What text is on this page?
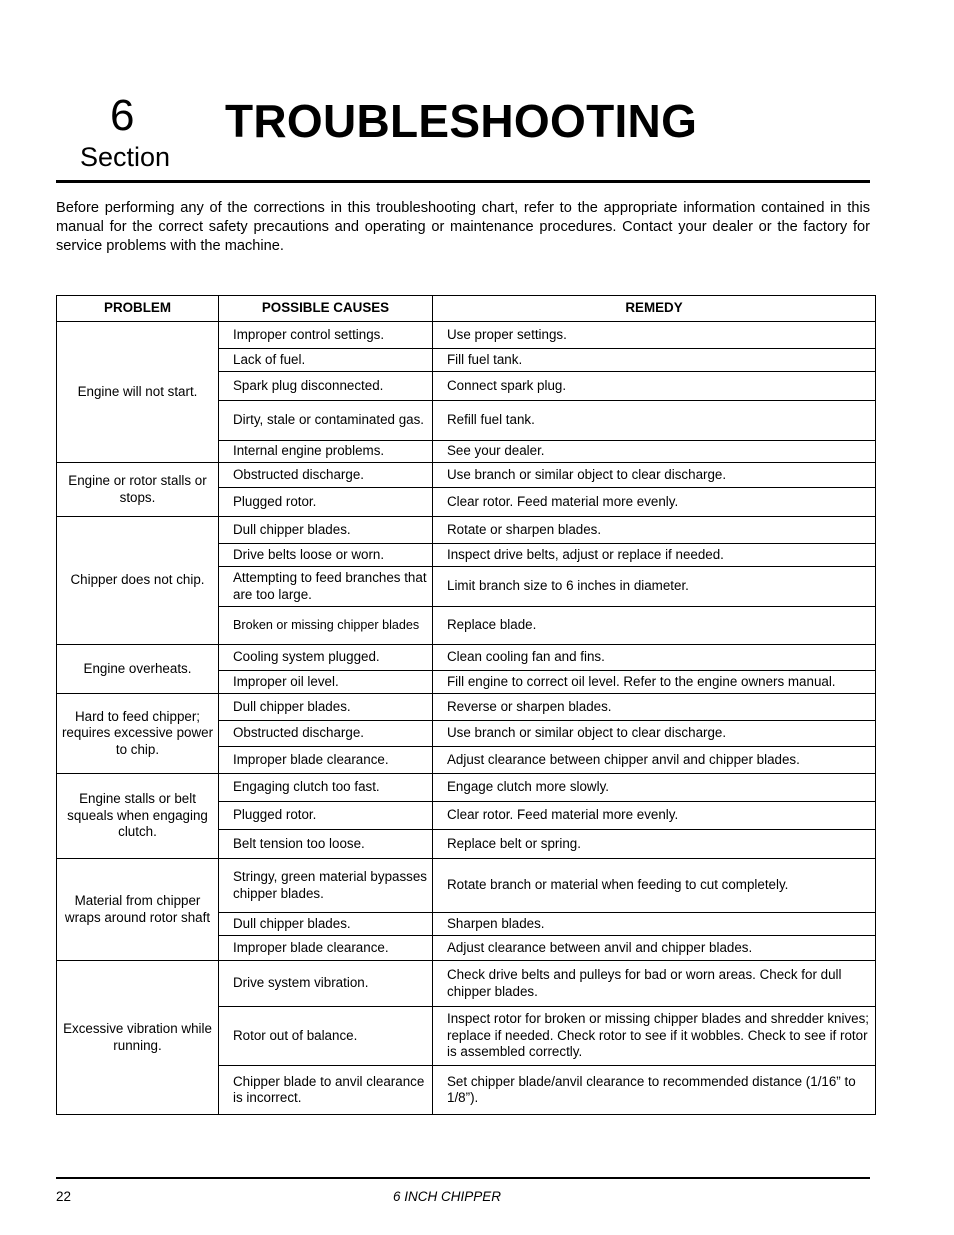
6
Section
TROUBLESHOOTING

Before performing any of the corrections in this troubleshooting chart, refer to the appropriate information contained in this manual for the correct safety precautions and operating or maintenance procedures. Contact your dealer or the factory for service problems with the machine.

PROBLEM	POSSIBLE CAUSES	REMEDY
Engine will not start.	Improper control settings.	Use proper settings.
	Lack of fuel.	Fill fuel tank.
	Spark plug disconnected.	Connect spark plug.
	Dirty, stale or contaminated gas.	Refill fuel tank.
	Internal engine problems.	See your dealer.
Engine or rotor stalls or stops.	Obstructed discharge.	Use branch or similar object to clear discharge.
	Plugged rotor.	Clear rotor. Feed material more evenly.
Chipper does not chip.	Dull chipper blades.	Rotate or sharpen blades.
	Drive belts loose or worn.	Inspect drive belts, adjust or replace if needed.
	Attempting to feed branches that are too large.	Limit branch size to 6 inches in diameter.
	Broken or missing chipper blades	Replace blade.
Engine overheats.	Cooling system plugged.	Clean cooling fan and fins.
	Improper oil level.	Fill engine to correct oil level. Refer to the engine owners manual.
Hard to feed chipper; requires excessive power to chip.	Dull chipper blades.	Reverse or sharpen blades.
	Obstructed discharge.	Use branch or similar object to clear discharge.
	Improper blade clearance.	Adjust clearance between chipper anvil and chipper blades.
Engine stalls or belt squeals when engaging clutch.	Engaging clutch too fast.	Engage clutch more slowly.
	Plugged rotor.	Clear rotor. Feed material more evenly.
	Belt tension too loose.	Replace belt or spring.
Material from chipper wraps around rotor shaft	Stringy, green material bypasses chipper blades.	Rotate branch or material when feeding to cut completely.
	Dull chipper blades.	Sharpen blades.
	Improper blade clearance.	Adjust clearance between anvil and chipper blades.
Excessive vibration while running.	Drive system vibration.	Check drive belts and pulleys for bad or worn areas. Check for dull chipper blades.
	Rotor out of balance.	Inspect rotor for broken or missing chipper blades and shredder knives; replace if needed. Check rotor to see if it wobbles. Check to see if rotor is assembled correctly.
	Chipper blade to anvil clearance is incorrect.	Set chipper blade/anvil clearance to recommended distance (1/16” to 1/8”).
22	6 INCH CHIPPER
